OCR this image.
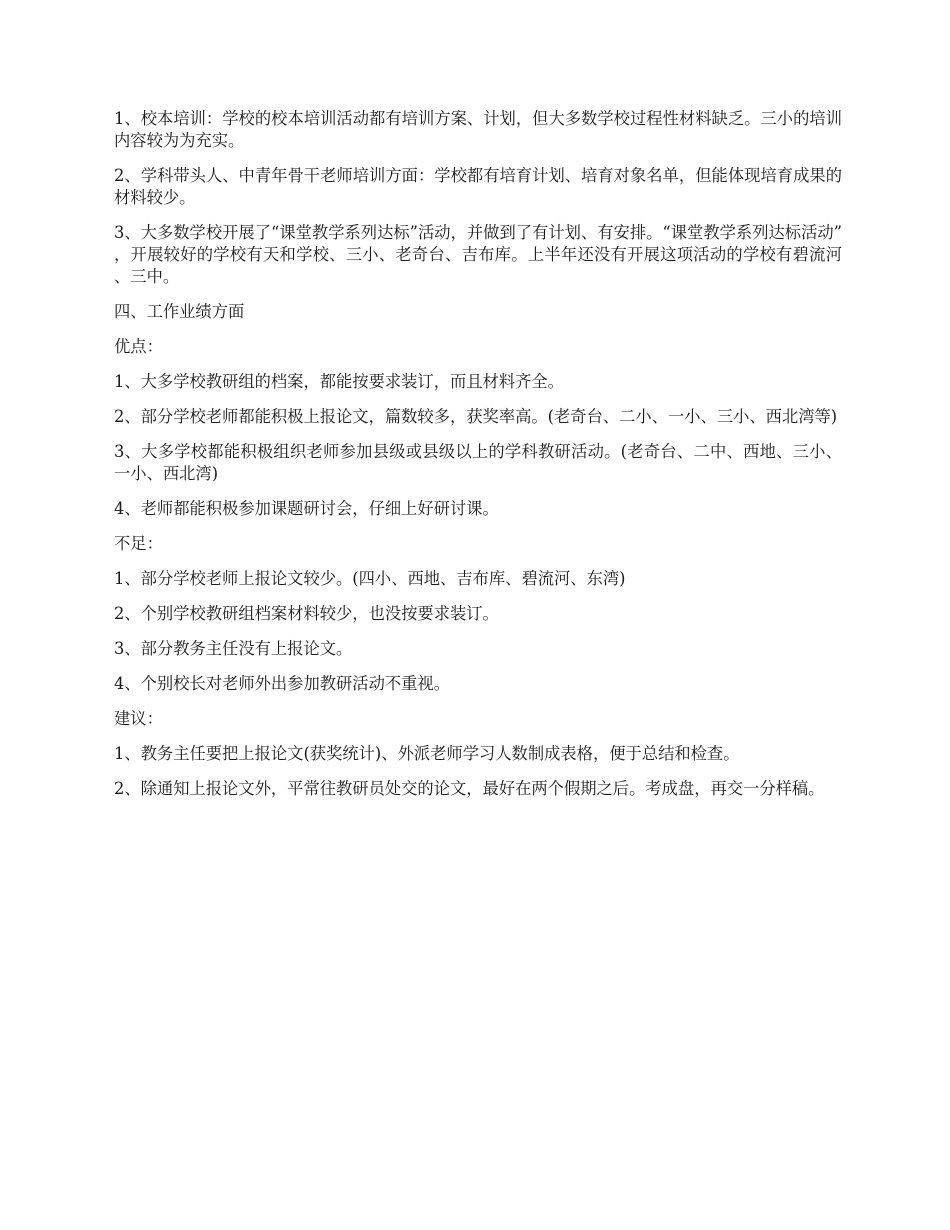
1、校本培训：学校的校本培训活动都有培训方案、计划，但大多数学校过程性材料缺乏。三小的培训内容较为为充实。

2、学科带头人、中青年骨干老师培训方面：学校都有培育计划、培育对象名单，但能体现培育成果的材料较少。

3、大多数学校开展了“课堂教学系列达标”活动，并做到了有计划、有安排。“课堂教学系列达标活动”，开展较好的学校有天和学校、三小、老奇台、吉布库。上半年还没有开展这项活动的学校有碧流河、三中。

四、工作业绩方面

优点：

1、大多学校教研组的档案，都能按要求装订，而且材料齐全。

2、部分学校老师都能积极上报论文，篇数较多，获奖率高。(老奇台、二小、一小、三小、西北湾等)

3、大多学校都能积极组织老师参加县级或县级以上的学科教研活动。(老奇台、二中、西地、三小、一小、西北湾)

4、老师都能积极参加课题研讨会，仔细上好研讨课。

不足：

1、部分学校老师上报论文较少。(四小、西地、吉布库、碧流河、东湾)

2、个别学校教研组档案材料较少，也没按要求装订。

3、部分教务主任没有上报论文。

4、个别校长对老师外出参加教研活动不重视。

建议：

1、教务主任要把上报论文(获奖统计)、外派老师学习人数制成表格，便于总结和检查。

2、除通知上报论文外，平常往教研员处交的论文，最好在两个假期之后。考成盘，再交一分样稿。
